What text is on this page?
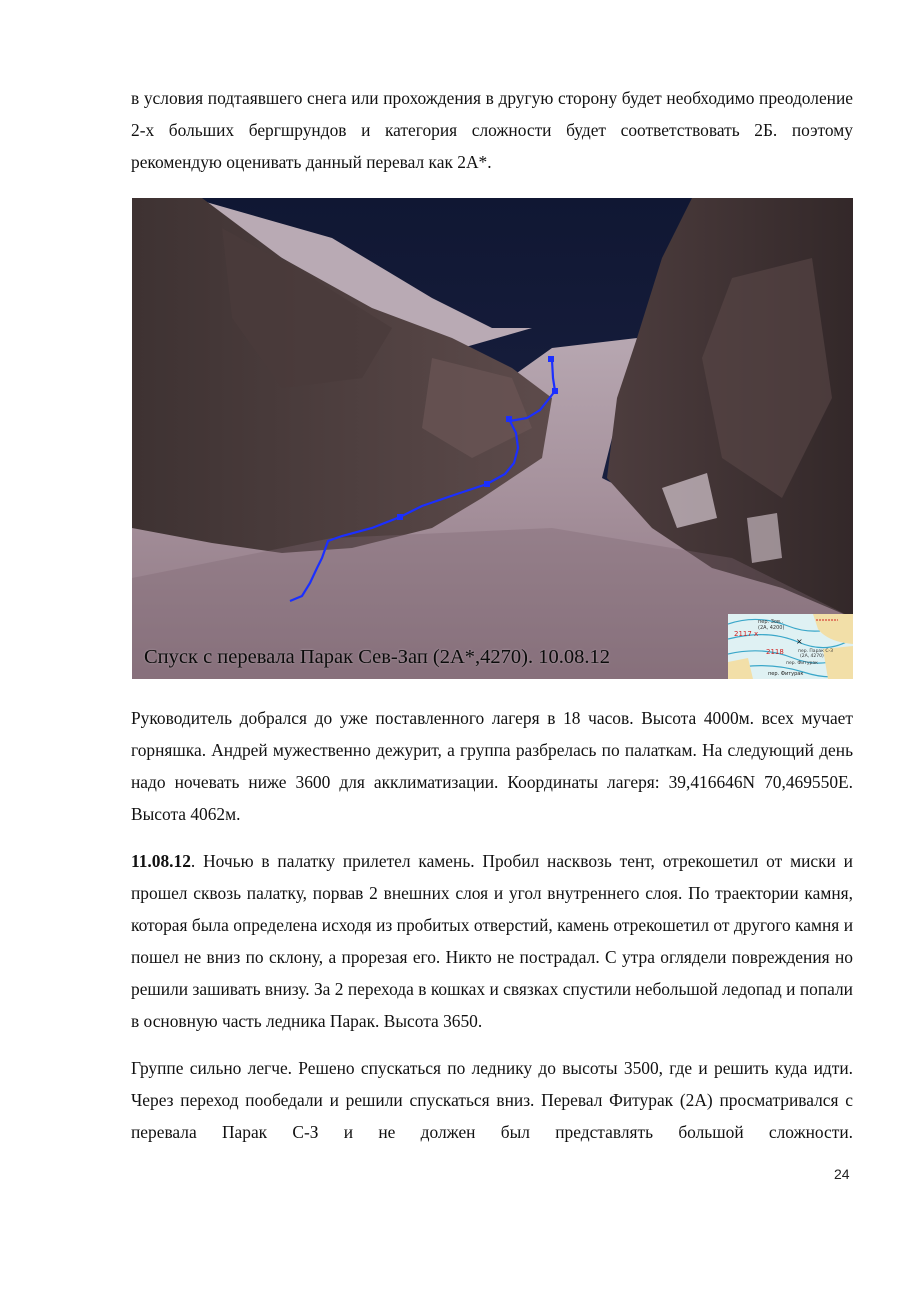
в условия подтаявшего снега или прохождения в другую сторону будет необходимо преодоление 2-х больших бергшрундов и категория сложности будет соответствовать 2Б. поэтому рекомендую оценивать данный перевал как 2А*.

Спуск с перевала Парак Сев-Зап (2А*,4270). 10.08.12
пер. Зов..
(2А, 4200)
2117 х
×
пер. Парак С-З
(2А, 4270)
2118
пер. Фитурак
пер. Фитурак

Руководитель добрался до уже поставленного лагеря в 18 часов. Высота 4000м. всех мучает горняшка. Андрей мужественно дежурит, а группа разбрелась по палаткам. На следующий день надо ночевать ниже 3600 для акклиматизации. Координаты лагеря: 39,416646N 70,469550E. Высота 4062м.

11.08.12. Ночью в палатку прилетел камень. Пробил насквозь тент, отрекошетил от миски и прошел сквозь палатку, порвав 2 внешних слоя и угол внутреннего слоя. По траектории камня, которая была определена исходя из пробитых отверстий, камень отрекошетил от другого камня и пошел не вниз по склону, а прорезая его. Никто не пострадал. С утра оглядели повреждения но решили зашивать внизу. За 2 перехода в кошках и связках спустили небольшой ледопад и попали в основную часть ледника Парак. Высота 3650.

Группе сильно легче. Решено спускаться по леднику до высоты 3500, где и решить куда идти. Через переход пообедали и решили спускаться вниз. Перевал Фитурак (2А) просматривался с перевала Парак С-З и не должен был представлять большой сложности.

24
